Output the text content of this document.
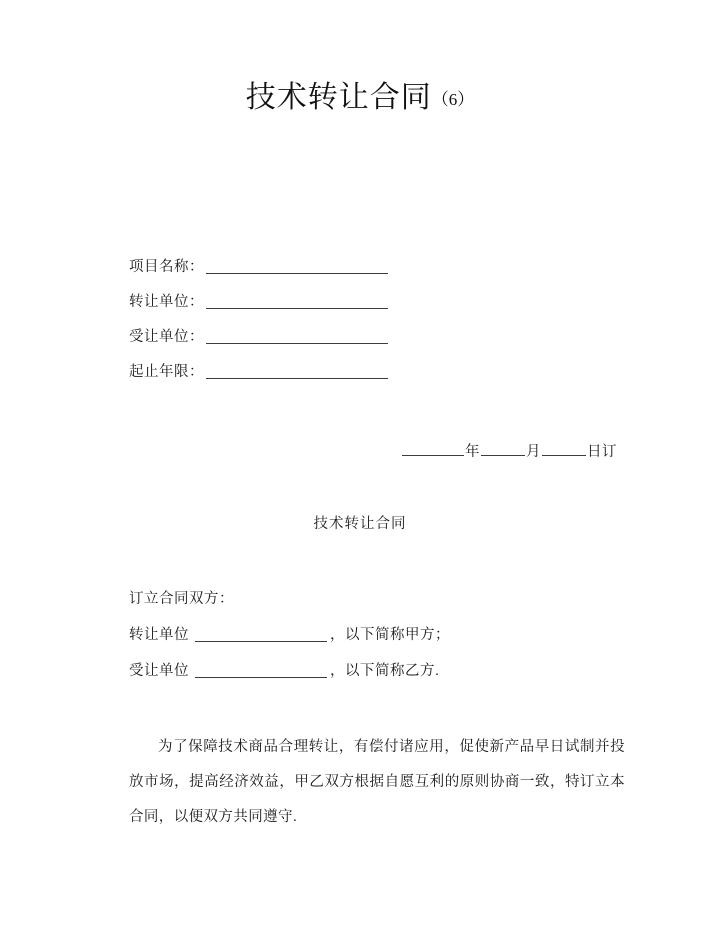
技术转让合同（6）
项目名称：
转让单位：
受让单位：
起止年限：
年	月	日订
技术转让合同
订立合同双方：
转让单位	，以下简称甲方；
受让单位	，以下简称乙方.
为了保障技术商品合理转让，有偿付诸应用，促使新产品早日试制并投放市场，提高经济效益，甲乙双方根据自愿互利的原则协商一致，特订立本合同，以便双方共同遵守.
